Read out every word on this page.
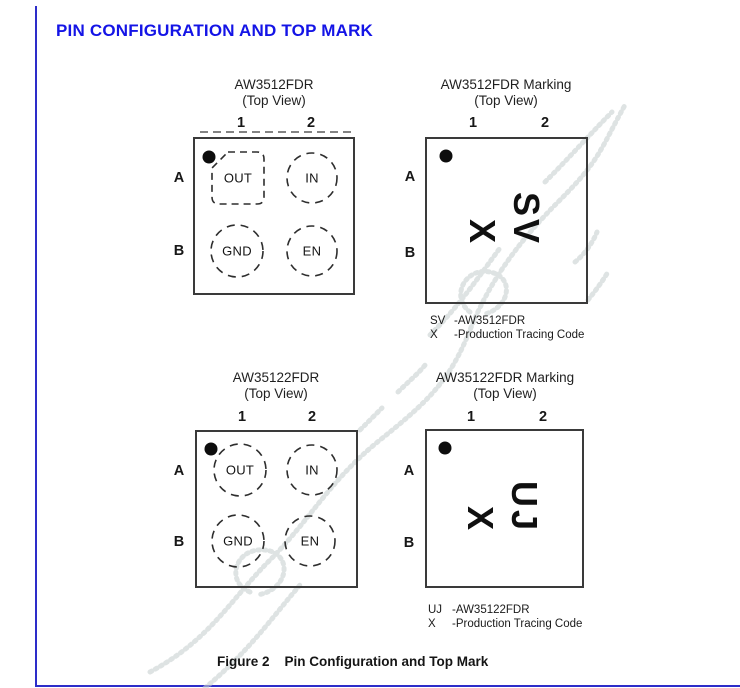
PIN CONFIGURATION AND TOP MARK
AW3512FDR
(Top View)
1	2
A
B
OUT	IN
GND	EN
AW3512FDR Marking
(Top View)
1	2
A
B
SV
X
SV -AW3512FDR
X -Production Tracing Code
AW35122FDR
(Top View)
1	2
A
B
OUT	IN
GND	EN
AW35122FDR Marking
(Top View)
1	2
A
B
UJ
X
UJ -AW35122FDR
X -Production Tracing Code
Figure 2 Pin Configuration and Top Mark
